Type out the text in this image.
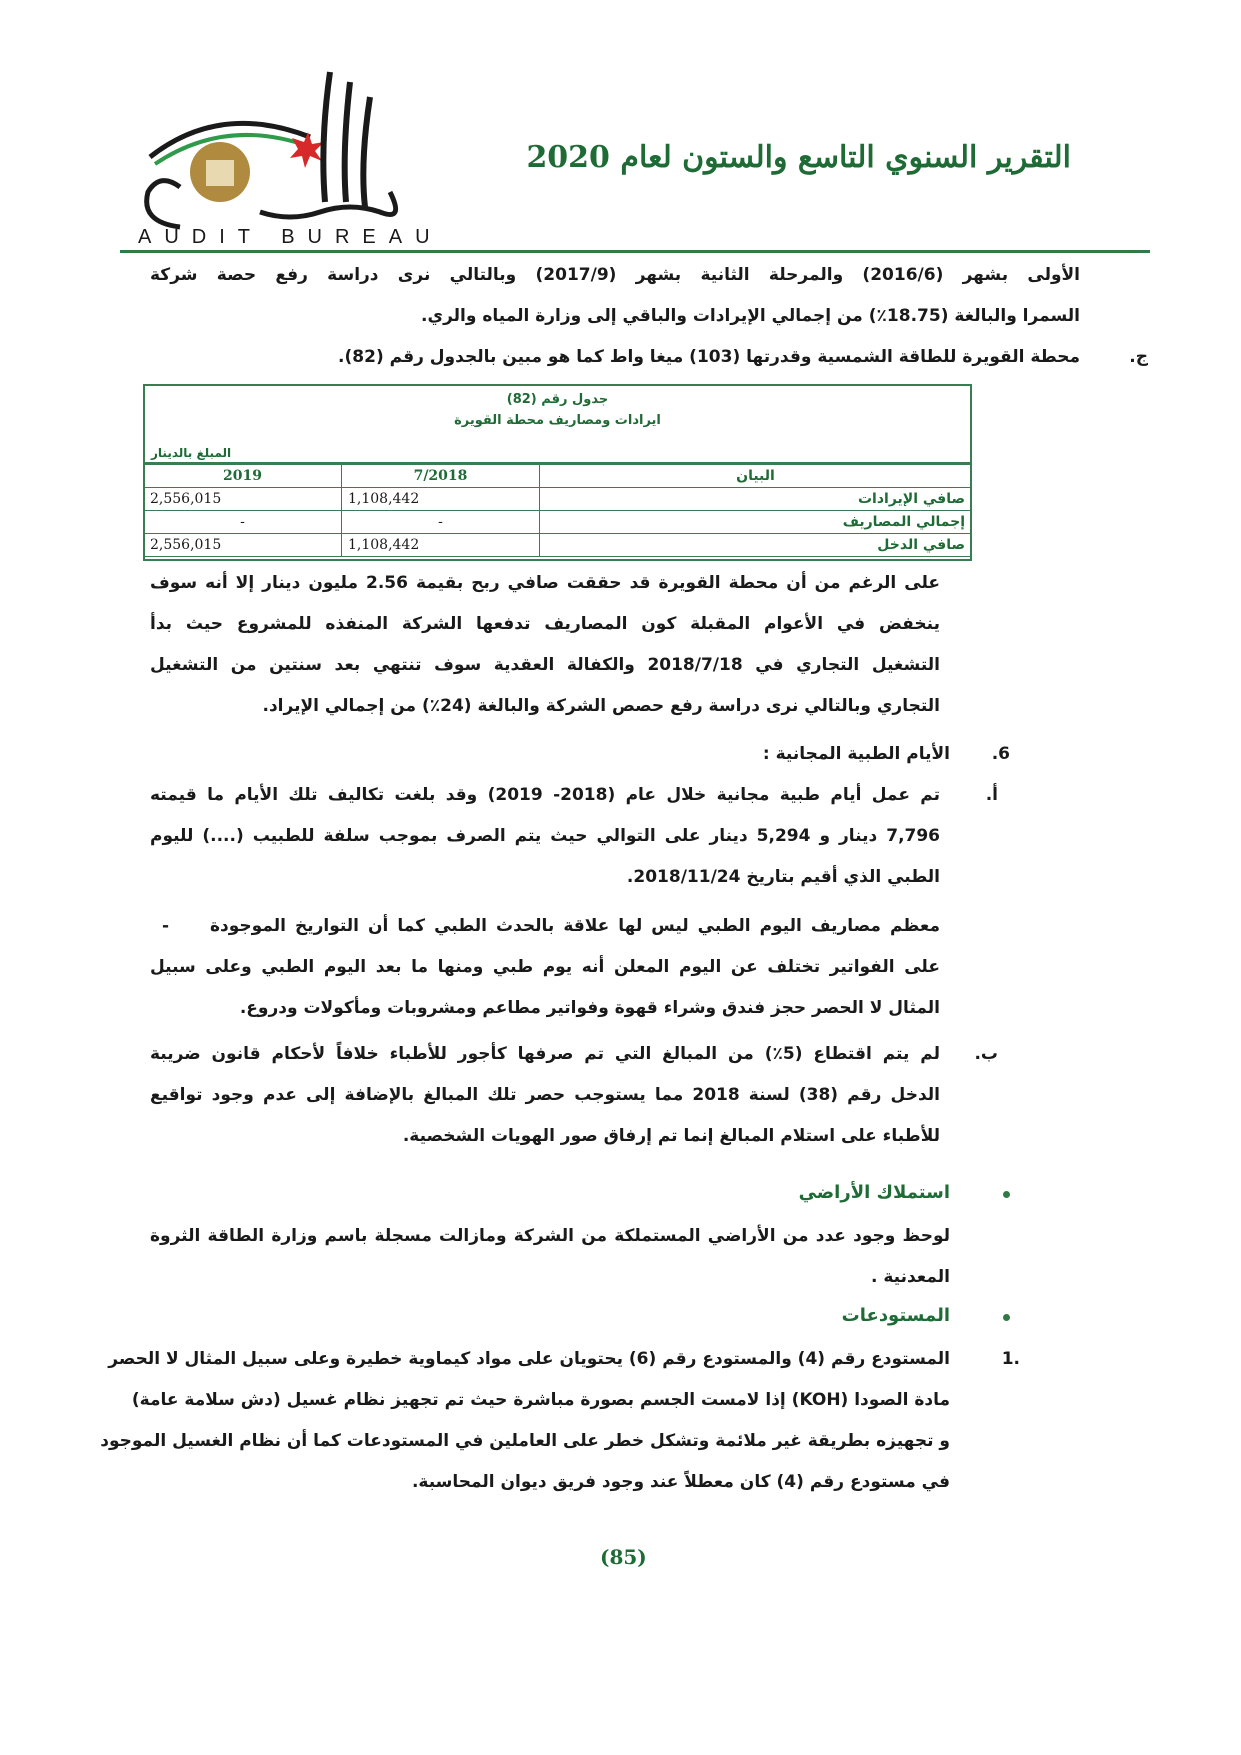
AUDIT BUREAU
التقرير السنوي التاسع والستون لعام 2020
الأولى بشهر (2016/6) والمرحلة الثانية بشهر (2017/9) وبالتالي نرى دراسة رفع حصة شركة
السمرا والبالغة (18.75٪) من إجمالي الإيرادات والباقي إلى وزارة المياه والري.
ج.
محطة القويرة للطاقة الشمسية وقدرتها (103) ميغا واط كما هو مبين بالجدول رقم (82).
جدول رقم (82)
ايرادات ومصاريف محطة القويرة
المبلغ بالدينار
البيان	7/2018	2019
صافي الإيرادات	1,108,442	2,556,015
إجمالي المصاريف	-	-
صافي الدخل	1,108,442	2,556,015
على الرغم من أن محطة القويرة قد حققت صافي ربح بقيمة 2.56 مليون دينار إلا أنه سوف
ينخفض في الأعوام المقبلة كون المصاريف تدفعها الشركة المنفذه للمشروع حيث بدأ
التشغيل التجاري في 2018/7/18 والكفالة العقدية سوف تنتهي بعد سنتين من التشغيل
التجاري وبالتالي نرى دراسة رفع حصص الشركة والبالغة (24٪) من إجمالي الإيراد.
6.
الأيام الطبية المجانية :
أ.
تم عمل أيام طبية مجانية خلال عام (2018- 2019) وقد بلغت تكاليف تلك الأيام ما قيمته
7,796 دينار و 5,294 دينار على التوالي حيث يتم الصرف بموجب سلفة للطبيب (....) لليوم
الطبي الذي أقيم بتاريخ 2018/11/24.
-	معظم مصاريف اليوم الطبي ليس لها علاقة بالحدث الطبي كما أن التواريخ الموجودة
على الفواتير تختلف عن اليوم المعلن أنه يوم طبي ومنها ما بعد اليوم الطبي وعلى سبيل
المثال لا الحصر حجز فندق وشراء قهوة وفواتير مطاعم ومشروبات ومأكولات ودروع.
ب.
لم يتم اقتطاع (5٪) من المبالغ التي تم صرفها كأجور للأطباء خلافاً لأحكام قانون ضريبة
الدخل رقم (38) لسنة 2018 مما يستوجب حصر تلك المبالغ بالإضافة إلى عدم وجود تواقيع
للأطباء على استلام المبالغ إنما تم إرفاق صور الهويات الشخصية.
استملاك الأراضي
لوحظ وجود عدد من الأراضي المستملكة من الشركة ومازالت مسجلة باسم وزارة الطاقة الثروة
المعدنية .
المستودعات
.1
المستودع رقم (4) والمستودع رقم (6) يحتويان على مواد كيماوية خطيرة وعلى سبيل المثال لا الحصر
مادة الصودا (KOH) إذا لامست الجسم بصورة مباشرة حيث تم تجهيز نظام غسيل (دش سلامة عامة)
و تجهيزه بطريقة غير ملائمة وتشكل خطر على العاملين في المستودعات كما أن نظام الغسيل الموجود
في مستودع رقم (4) كان معطلاً عند وجود فريق ديوان المحاسبة.
(85)
